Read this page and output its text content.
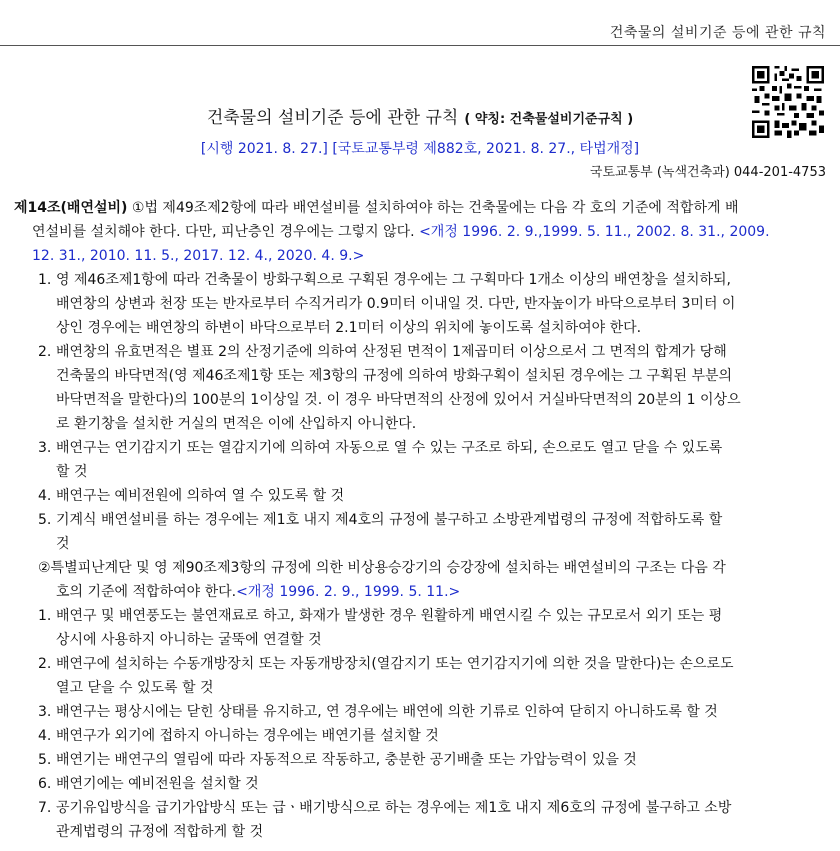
건축물의 설비기준 등에 관한 규칙
건축물의 설비기준 등에 관한 규칙 ( 약칭: 건축물설비기준규칙 )
[시행 2021. 8. 27.] [국토교통부령 제882호, 2021. 8. 27., 타법개정]
국토교통부 (녹색건축과) 044-201-4753
제14조(배연설비) ①법 제49조제2항에 따라 배연설비를 설치하여야 하는 건축물에는 다음 각 호의 기준에 적합하게 배
연설비를 설치해야 한다. 다만, 피난층인 경우에는 그렇지 않다. <개정 1996. 2. 9.,1999. 5. 11., 2002. 8. 31., 2009.
12. 31., 2010. 11. 5., 2017. 12. 4., 2020. 4. 9.>
1. 영 제46조제1항에 따라 건축물이 방화구획으로 구획된 경우에는 그 구획마다 1개소 이상의 배연창을 설치하되,
배연창의 상변과 천장 또는 반자로부터 수직거리가 0.9미터 이내일 것. 다만, 반자높이가 바닥으로부터 3미터 이
상인 경우에는 배연창의 하변이 바닥으로부터 2.1미터 이상의 위치에 놓이도록 설치하여야 한다.
2. 배연창의 유효면적은 별표 2의 산정기준에 의하여 산정된 면적이 1제곱미터 이상으로서 그 면적의 합계가 당해
건축물의 바닥면적(영 제46조제1항 또는 제3항의 규정에 의하여 방화구획이 설치된 경우에는 그 구획된 부분의
바닥면적을 말한다)의 100분의 1이상일 것. 이 경우 바닥면적의 산정에 있어서 거실바닥면적의 20분의 1 이상으
로 환기창을 설치한 거실의 면적은 이에 산입하지 아니한다.
3. 배연구는 연기감지기 또는 열감지기에 의하여 자동으로 열 수 있는 구조로 하되, 손으로도 열고 닫을 수 있도록
할 것
4. 배연구는 예비전원에 의하여 열 수 있도록 할 것
5. 기계식 배연설비를 하는 경우에는 제1호 내지 제4호의 규정에 불구하고 소방관계법령의 규정에 적합하도록 할
것
②특별피난계단 및 영 제90조제3항의 규정에 의한 비상용승강기의 승강장에 설치하는 배연설비의 구조는 다음 각
호의 기준에 적합하여야 한다.<개정 1996. 2. 9., 1999. 5. 11.>
1. 배연구 및 배연풍도는 불연재료로 하고, 화재가 발생한 경우 원활하게 배연시킬 수 있는 규모로서 외기 또는 평
상시에 사용하지 아니하는 굴뚝에 연결할 것
2. 배연구에 설치하는 수동개방장치 또는 자동개방장치(열감지기 또는 연기감지기에 의한 것을 말한다)는 손으로도
열고 닫을 수 있도록 할 것
3. 배연구는 평상시에는 닫힌 상태를 유지하고, 연 경우에는 배연에 의한 기류로 인하여 닫히지 아니하도록 할 것
4. 배연구가 외기에 접하지 아니하는 경우에는 배연기를 설치할 것
5. 배연기는 배연구의 열림에 따라 자동적으로 작동하고, 충분한 공기배출 또는 가압능력이 있을 것
6. 배연기에는 예비전원을 설치할 것
7. 공기유입방식을 급기가압방식 또는 급ㆍ배기방식으로 하는 경우에는 제1호 내지 제6호의 규정에 불구하고 소방
관계법령의 규정에 적합하게 할 것
